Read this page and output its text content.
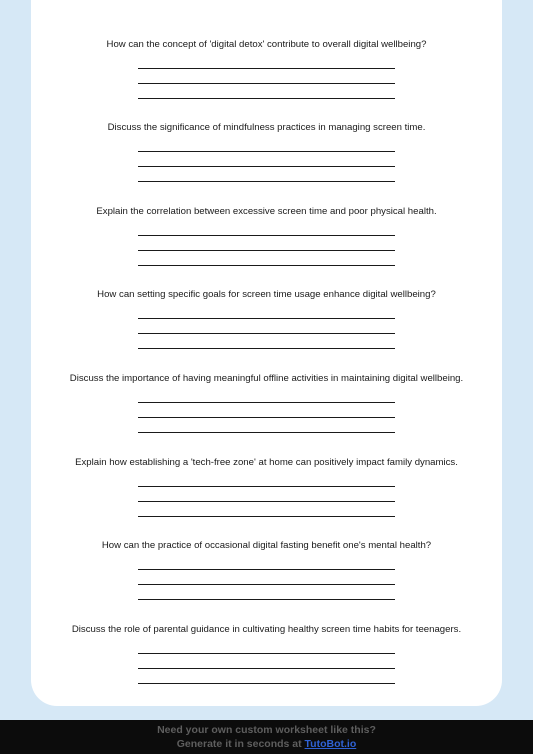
How can the concept of 'digital detox' contribute to overall digital wellbeing?
Discuss the significance of mindfulness practices in managing screen time.
Explain the correlation between excessive screen time and poor physical health.
How can setting specific goals for screen time usage enhance digital wellbeing?
Discuss the importance of having meaningful offline activities in maintaining digital wellbeing.
Explain how establishing a 'tech-free zone' at home can positively impact family dynamics.
How can the practice of occasional digital fasting benefit one's mental health?
Discuss the role of parental guidance in cultivating healthy screen time habits for teenagers.
Need your own custom worksheet like this?
Generate it in seconds at TutoBot.io
